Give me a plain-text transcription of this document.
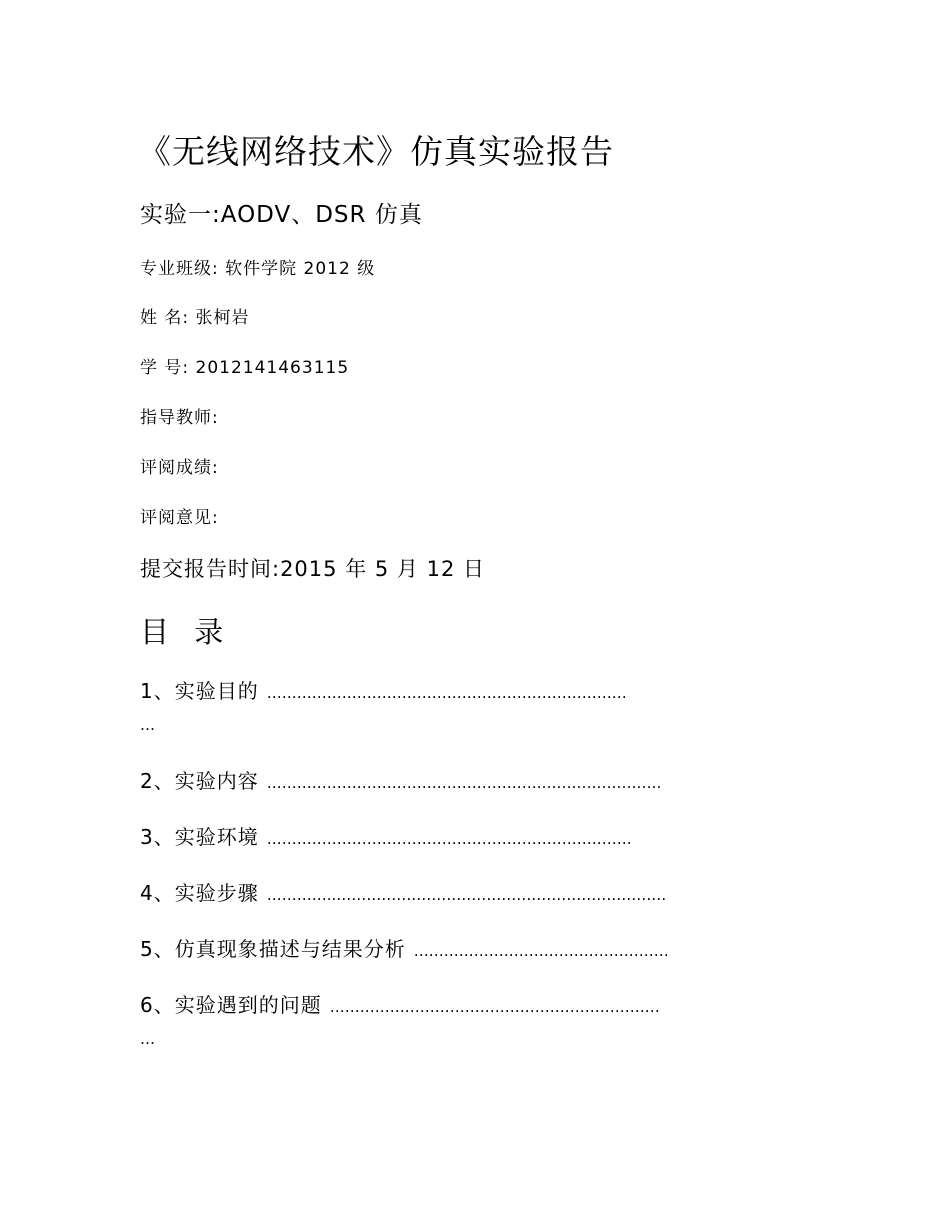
《无线网络技术》仿真实验报告
实验一:AODV、DSR 仿真

专业班级: 软件学院 2012 级

姓 名: 张柯岩

学 号: 2012141463115

指导教师:

评阅成绩:

评阅意见:

提交报告时间:2015 年 5 月 12 日

目 录
1、实验目的 ………………………………………………………………
…
2、实验内容 ……………………………………………….……………………
3、实验环境 ……………………………………………………………….
4、实验步骤 …………..…………………………………………………………
5、仿真现象描述与结果分析 ……………………………………………
6、实验遇到的问题 …………………………………………………………
…
